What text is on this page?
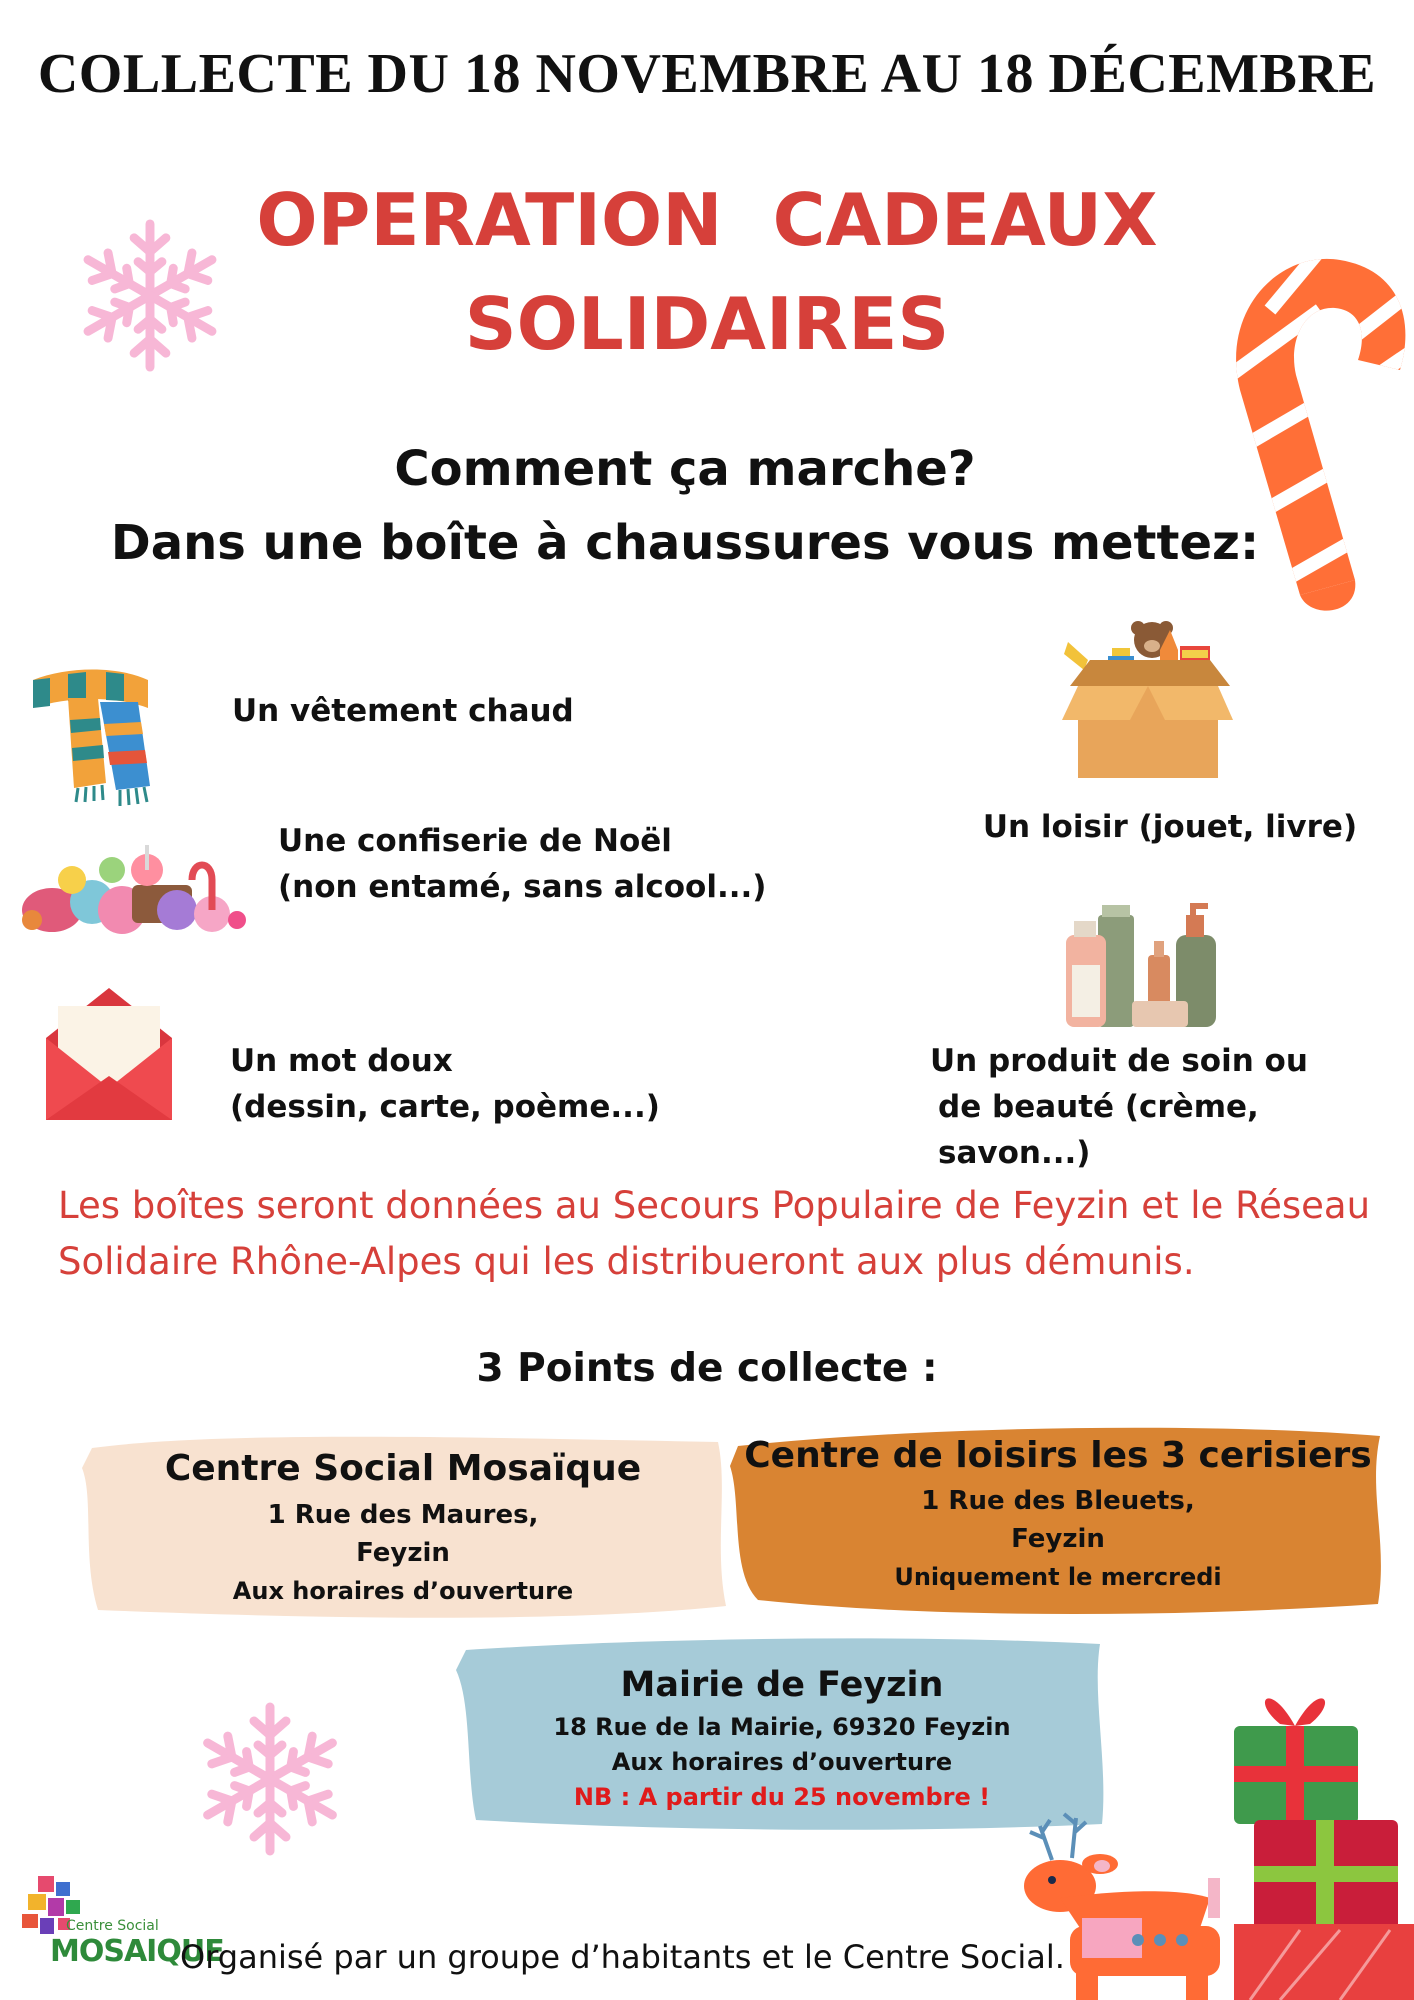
COLLECTE DU 18 NOVEMBRE AU 18 DÉCEMBRE
OPERATION  CADEAUX
SOLIDAIRES
Comment ça marche?
Dans une boîte à chaussures vous mettez:
Un vêtement chaud
Une confiserie de Noël
(non entamé, sans alcool...)
Un mot doux
(dessin, carte, poème...)
Un loisir (jouet, livre)
Un produit de soin ou
de beauté (crème, savon...)
Les boîtes seront données au Secours Populaire de Feyzin et le Réseau
Solidaire Rhône-Alpes qui les distribueront aux plus démunis.
3 Points de collecte :
Centre Social Mosaïque
1 Rue des Maures,
Feyzin
Aux horaires d’ouverture
Centre de loisirs les 3 cerisiers
1 Rue des Bleuets,
Feyzin
Uniquement le mercredi
Mairie de Feyzin
18 Rue de la Mairie, 69320 Feyzin
Aux horaires d’ouverture
NB : A partir du 25 novembre !
Centre Social
MOSAIQUE
Organisé par un groupe d’habitants et le Centre Social.
